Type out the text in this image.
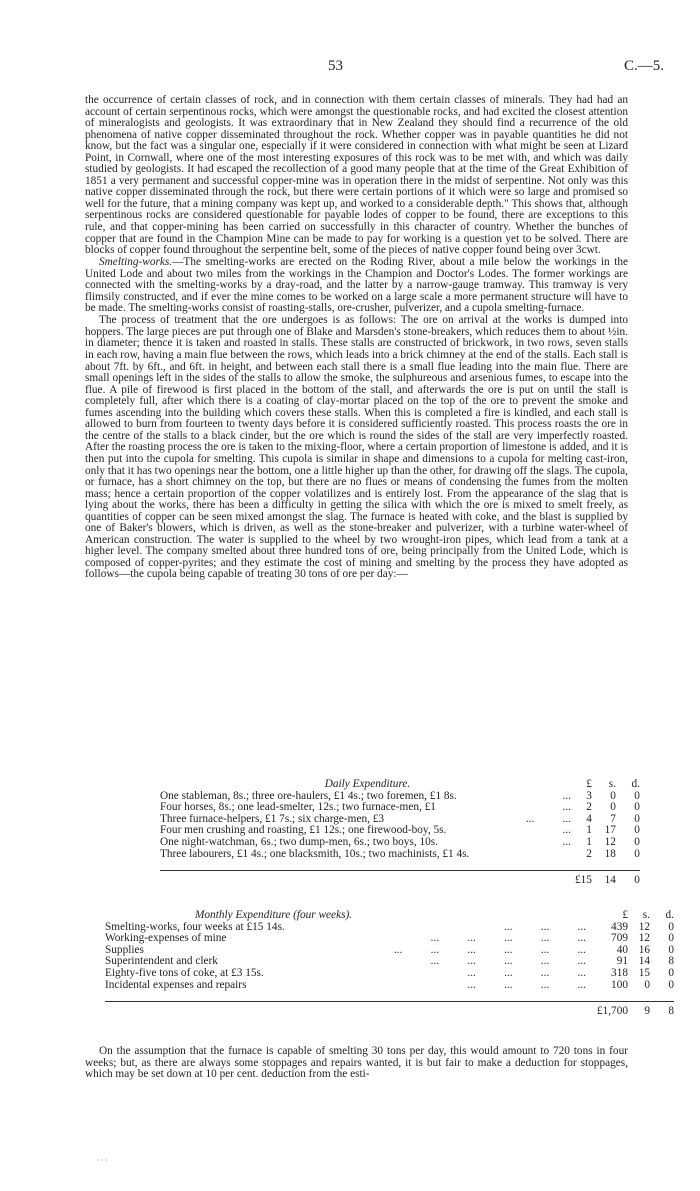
53	C.—5.

the occurrence of certain classes of rock, and in connection with them certain classes of minerals. They had had an account of certain serpentinous rocks, which were amongst the questionable rocks, and had excited the closest attention of mineralogists and geologists. It was extraordinary that in New Zealand they should find a recurrence of the old phenomena of native copper disseminated throughout the rock. Whether copper was in payable quantities he did not know, but the fact was a singular one, especially if it were considered in connection with what might be seen at Lizard Point, in Cornwall, where one of the most interesting exposures of this rock was to be met with, and which was daily studied by geologists. It had escaped the recollection of a good many people that at the time of the Great Exhibition of 1851 a very permanent and successful copper-mine was in operation there in the midst of serpentine. Not only was this native copper disseminated through the rock, but there were certain portions of it which were so large and promised so well for the future, that a mining company was kept up, and worked to a considerable depth." This shows that, although serpentinous rocks are considered questionable for payable lodes of copper to be found, there are exceptions to this rule, and that copper-mining has been carried on successfully in this character of country. Whether the bunches of copper that are found in the Champion Mine can be made to pay for working is a question yet to be solved. There are blocks of copper found throughout the serpentine belt, some of the pieces of native copper found being over 3cwt.

Smelting-works.—The smelting-works are erected on the Roding River, about a mile below the workings in the United Lode and about two miles from the workings in the Champion and Doctor's Lodes. The former workings are connected with the smelting-works by a dray-road, and the latter by a narrow-gauge tramway. This tramway is very flimsily constructed, and if ever the mine comes to be worked on a large scale a more permanent structure will have to be made. The smelting-works consist of roasting-stalls, ore-crusher, pulverizer, and a cupola smelting-furnace.

The process of treatment that the ore undergoes is as follows: The ore on arrival at the works is dumped into hoppers. The large pieces are put through one of Blake and Marsden's stone-breakers, which reduces them to about ½in. in diameter; thence it is taken and roasted in stalls. These stalls are constructed of brickwork, in two rows, seven stalls in each row, having a main flue between the rows, which leads into a brick chimney at the end of the stalls. Each stall is about 7ft. by 6ft., and 6ft. in height, and between each stall there is a small flue leading into the main flue. There are small openings left in the sides of the stalls to allow the smoke, the sulphureous and arsenious fumes, to escape into the flue. A pile of firewood is first placed in the bottom of the stall, and afterwards the ore is put on until the stall is completely full, after which there is a coating of clay-mortar placed on the top of the ore to prevent the smoke and fumes ascending into the building which covers these stalls. When this is completed a fire is kindled, and each stall is allowed to burn from fourteen to twenty days before it is considered sufficiently roasted. This process roasts the ore in the centre of the stalls to a black cinder, but the ore which is round the sides of the stall are very imperfectly roasted. After the roasting process the ore is taken to the mixing-floor, where a certain proportion of limestone is added, and it is then put into the cupola for smelting. This cupola is similar in shape and dimensions to a cupola for melting cast-iron, only that it has two openings near the bottom, one a little higher up than the other, for drawing off the slags. The cupola, or furnace, has a short chimney on the top, but there are no flues or means of condensing the fumes from the molten mass; hence a certain proportion of the copper volatilizes and is entirely lost. From the appearance of the slag that is lying about the works, there has been a difficulty in getting the silica with which the ore is mixed to smelt freely, as quantities of copper can be seen mixed amongst the slag. The furnace is heated with coke, and the blast is supplied by one of Baker's blowers, which is driven, as well as the stone-breaker and pulverizer, with a turbine water-wheel of American construction. The water is supplied to the wheel by two wrought-iron pipes, which lead from a tank at a higher level. The company smelted about three hundred tons of ore, being principally from the United Lode, which is composed of copper-pyrites; and they estimate the cost of mining and smelting by the process they have adopted as follows—the cupola being capable of treating 30 tons of ore per day:—

Daily Expenditure.	£	s.	d.
One stableman, 8s.; three ore-haulers, £1 4s.; two foremen, £1 8s. ...	3	0	0
Four horses, 8s.; one lead-smelter, 12s.; two furnace-men, £1 ...	2	0	0
Three furnace-helpers, £1 7s.; six charge-men, £3 ...          ...	4	7	0
Four men crushing and roasting, £1 12s.; one firewood-boy, 5s. ...	1	17	0
One night-watchman, 6s.; two dump-men, 6s.; two boys, 10s. ...	1	12	0
Three labourers, £1 4s.; one blacksmith, 10s.; two machinists, £1 4s.	2	18	0

	£15	14	0
Monthly Expenditure (four weeks).	£	s.	d.
Smelting-works, four weeks at £15 14s. ...          ...          ...	439	12	0
Working-expenses of mine ...          ...          ...          ...          ...	709	12	0
Supplies ...          ...          ...          ...          ...          ...	40	16	0
Superintendent and clerk ...          ...          ...          ...          ...	91	14	8
Eighty-five tons of coke, at £3 15s. ...          ...          ...          ...	318	15	0
Incidental expenses and repairs ...          ...          ...          ...	100	0	0

	£1,700	9	8

On the assumption that the furnace is capable of smelting 30 tons per day, this would amount to 720 tons in four weeks; but, as there are always some stoppages and repairs wanted, it is but fair to make a deduction for stoppages, which may be set down at 10 per cent. deduction from the esti-

· · ·
